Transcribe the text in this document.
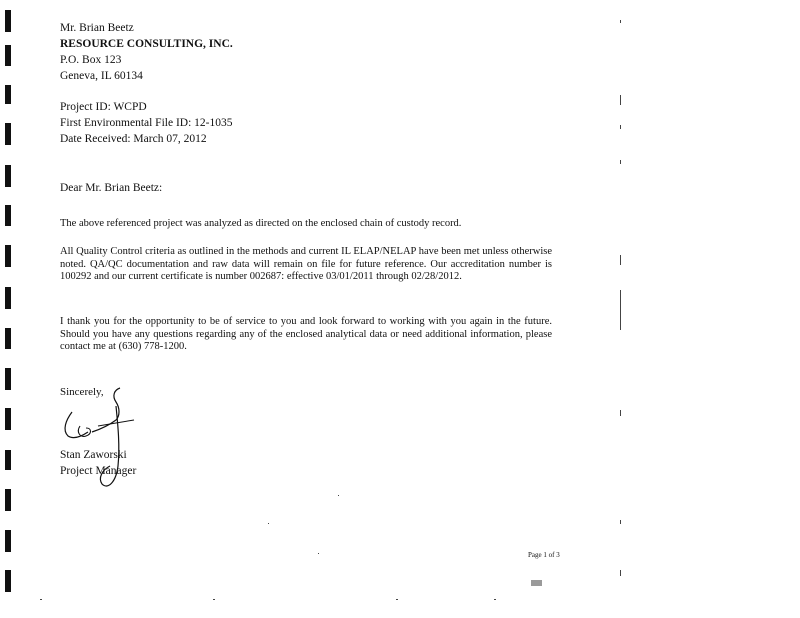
Mr. Brian Beetz
RESOURCE CONSULTING, INC.
P.O. Box 123
Geneva, IL 60134
Project ID: WCPD
First Environmental File ID: 12-1035
Date Received: March 07, 2012
Dear Mr. Brian Beetz:
The above referenced project was analyzed as directed on the enclosed chain of custody record.
All Quality Control criteria as outlined in the methods and current IL ELAP/NELAP have been met unless otherwise noted. QA/QC documentation and raw data will remain on file for future reference. Our accreditation number is 100292 and our current certificate is number 002687: effective 03/01/2011 through 02/28/2012.
I thank you for the opportunity to be of service to you and look forward to working with you again in the future. Should you have any questions regarding any of the enclosed analytical data or need additional information, please contact me at (630) 778-1200.
Sincerely,
Stan Zaworski
Project Manager
Page 1 of 3
